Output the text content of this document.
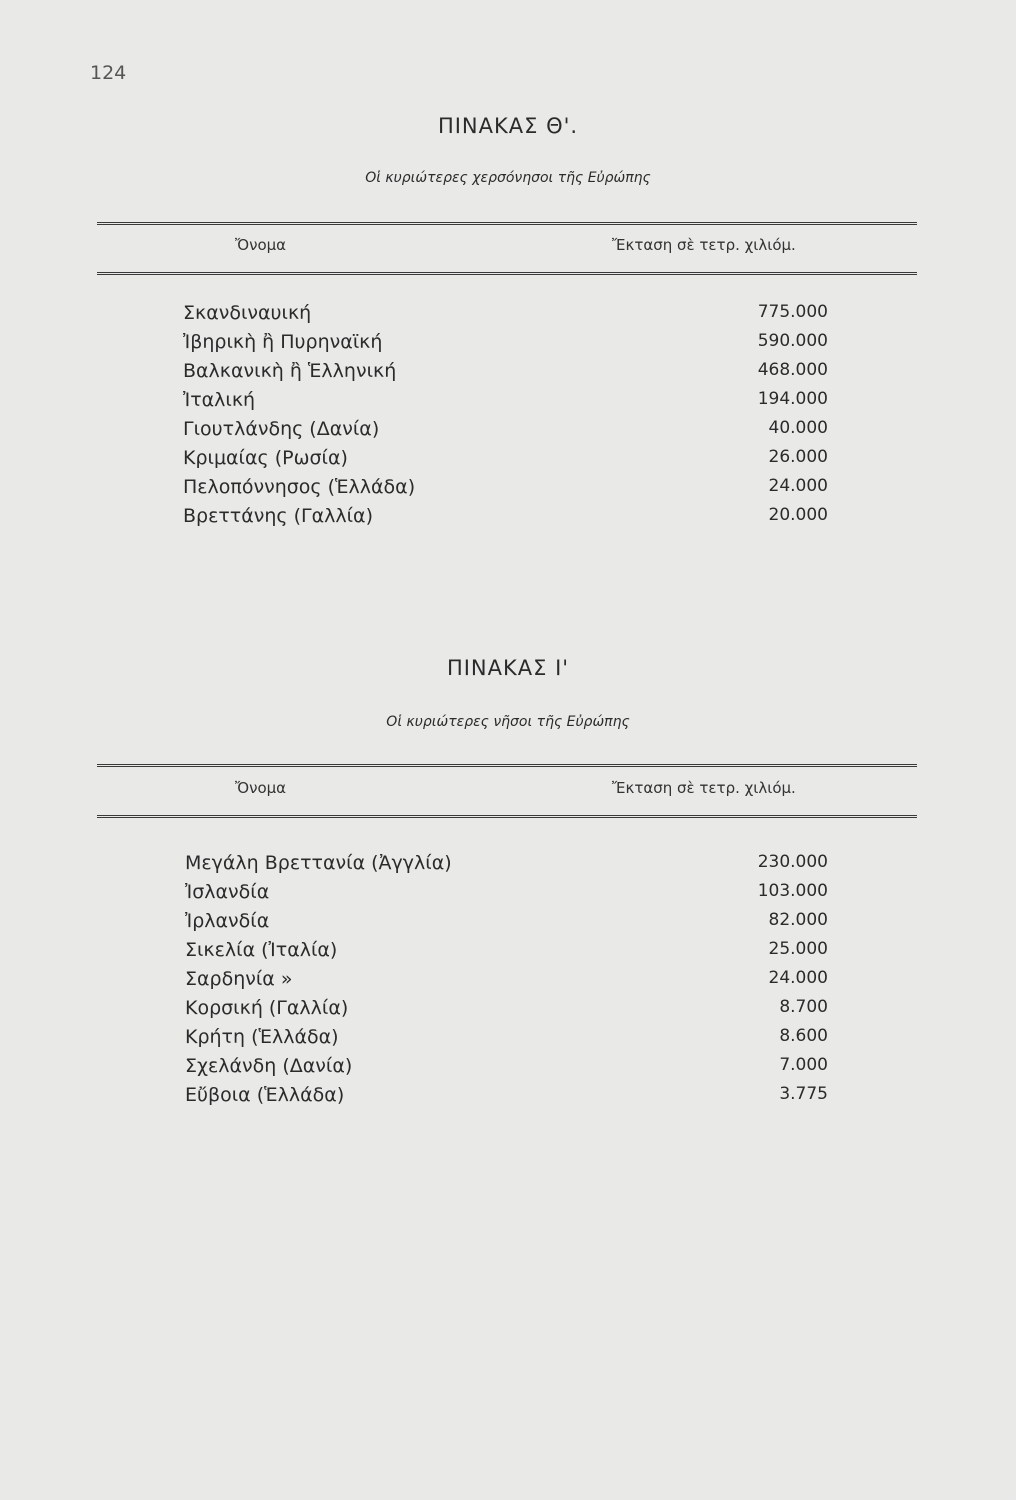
124
ΠΙΝΑΚΑΣ Θ'.
Οἱ κυριώτερες χερσόνησοι τῆς Εὐρώπης
Ὄνομα	Ἔκταση σὲ τετρ. χιλιόμ.
Σκανδιναυική	775.000
Ἰβηρικὴ ἢ Πυρηναϊκή	590.000
Βαλκανικὴ ἢ Ἑλληνική	468.000
Ἰταλική	194.000
Γιουτλάνδης (Δανία)	40.000
Κριμαίας (Ρωσία)	26.000
Πελοπόννησος (Ἑλλάδα)	24.000
Βρεττάνης (Γαλλία)	20.000
ΠΙΝΑΚΑΣ Ι'
Οἱ κυριώτερες νῆσοι τῆς Εὐρώπης
Ὄνομα	Ἔκταση σὲ τετρ. χιλιόμ.
Μεγάλη Βρεττανία (Ἀγγλία)	230.000
Ἰσλανδία	103.000
Ἰρλανδία	82.000
Σικελία (Ἰταλία)	25.000
Σαρδηνία »	24.000
Κορσική (Γαλλία)	8.700
Κρήτη (Ἑλλάδα)	8.600
Σχελάνδη (Δανία)	7.000
Εὔβοια (Ἑλλάδα)	3.775
